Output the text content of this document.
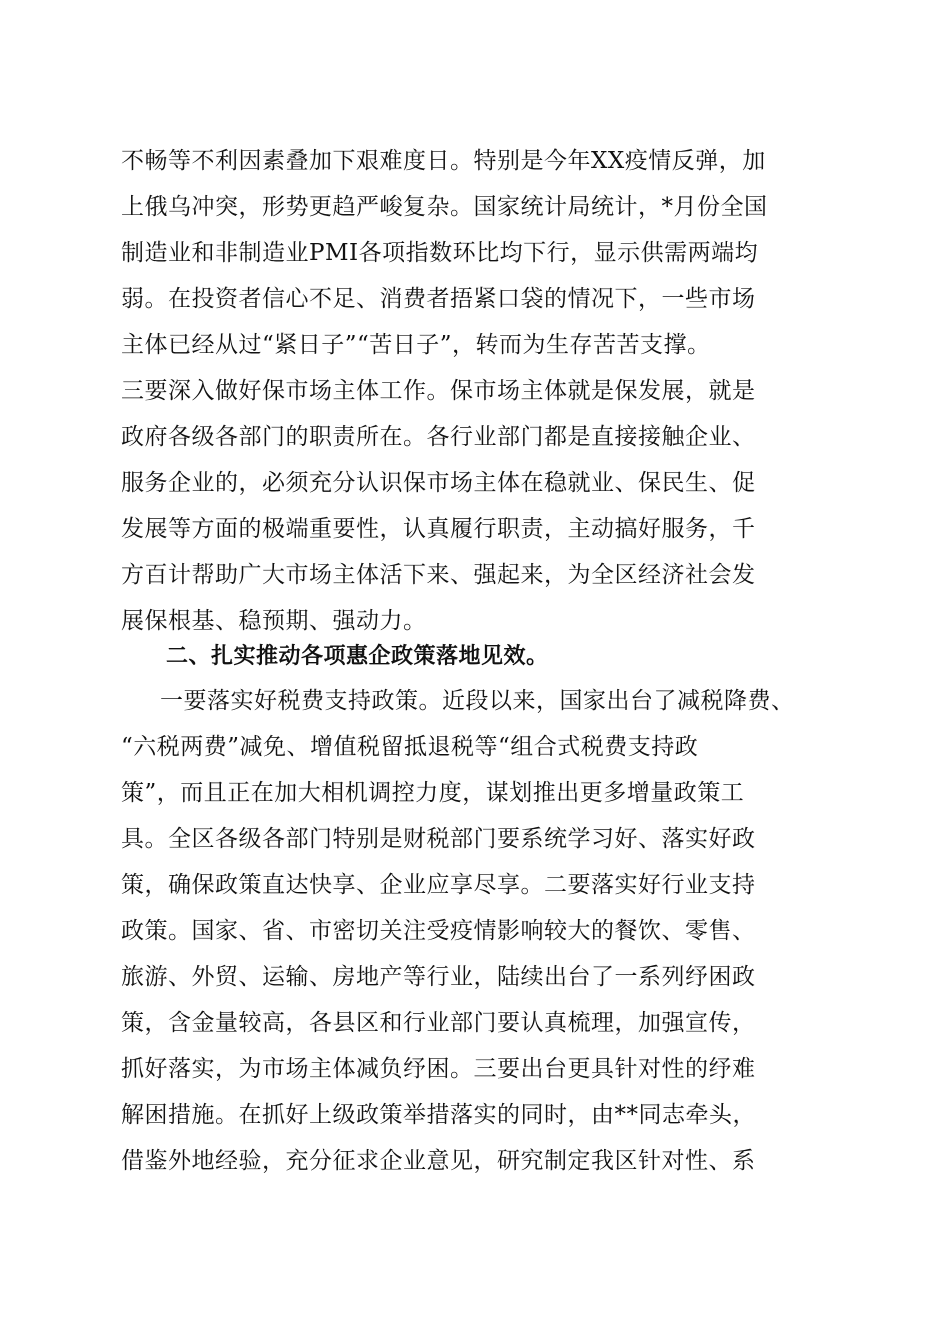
不畅等不利因素叠加下艰难度日。特别是今年XX疫情反弹，加
上俄乌冲突，形势更趋严峻复杂。国家统计局统计，*月份全国
制造业和非制造业PMI各项指数环比均下行，显示供需两端均
弱。在投资者信心不足、消费者捂紧口袋的情况下，一些市场
主体已经从过“紧日子”“苦日子”，转而为生存苦苦支撑。
三要深入做好保市场主体工作。保市场主体就是保发展，就是
政府各级各部门的职责所在。各行业部门都是直接接触企业、
服务企业的，必须充分认识保市场主体在稳就业、保民生、促
发展等方面的极端重要性，认真履行职责，主动搞好服务，千
方百计帮助广大市场主体活下来、强起来，为全区经济社会发
展保根基、稳预期、强动力。
二、扎实推动各项惠企政策落地见效。
一要落实好税费支持政策。近段以来，国家出台了减税降费、
“六税两费”减免、增值税留抵退税等“组合式税费支持政
策”，而且正在加大相机调控力度，谋划推出更多增量政策工
具。全区各级各部门特别是财税部门要系统学习好、落实好政
策，确保政策直达快享、企业应享尽享。二要落实好行业支持
政策。国家、省、市密切关注受疫情影响较大的餐饮、零售、
旅游、外贸、运输、房地产等行业，陆续出台了一系列纾困政
策，含金量较高，各县区和行业部门要认真梳理，加强宣传，
抓好落实，为市场主体减负纾困。三要出台更具针对性的纾难
解困措施。在抓好上级政策举措落实的同时，由**同志牵头，
借鉴外地经验，充分征求企业意见，研究制定我区针对性、系
